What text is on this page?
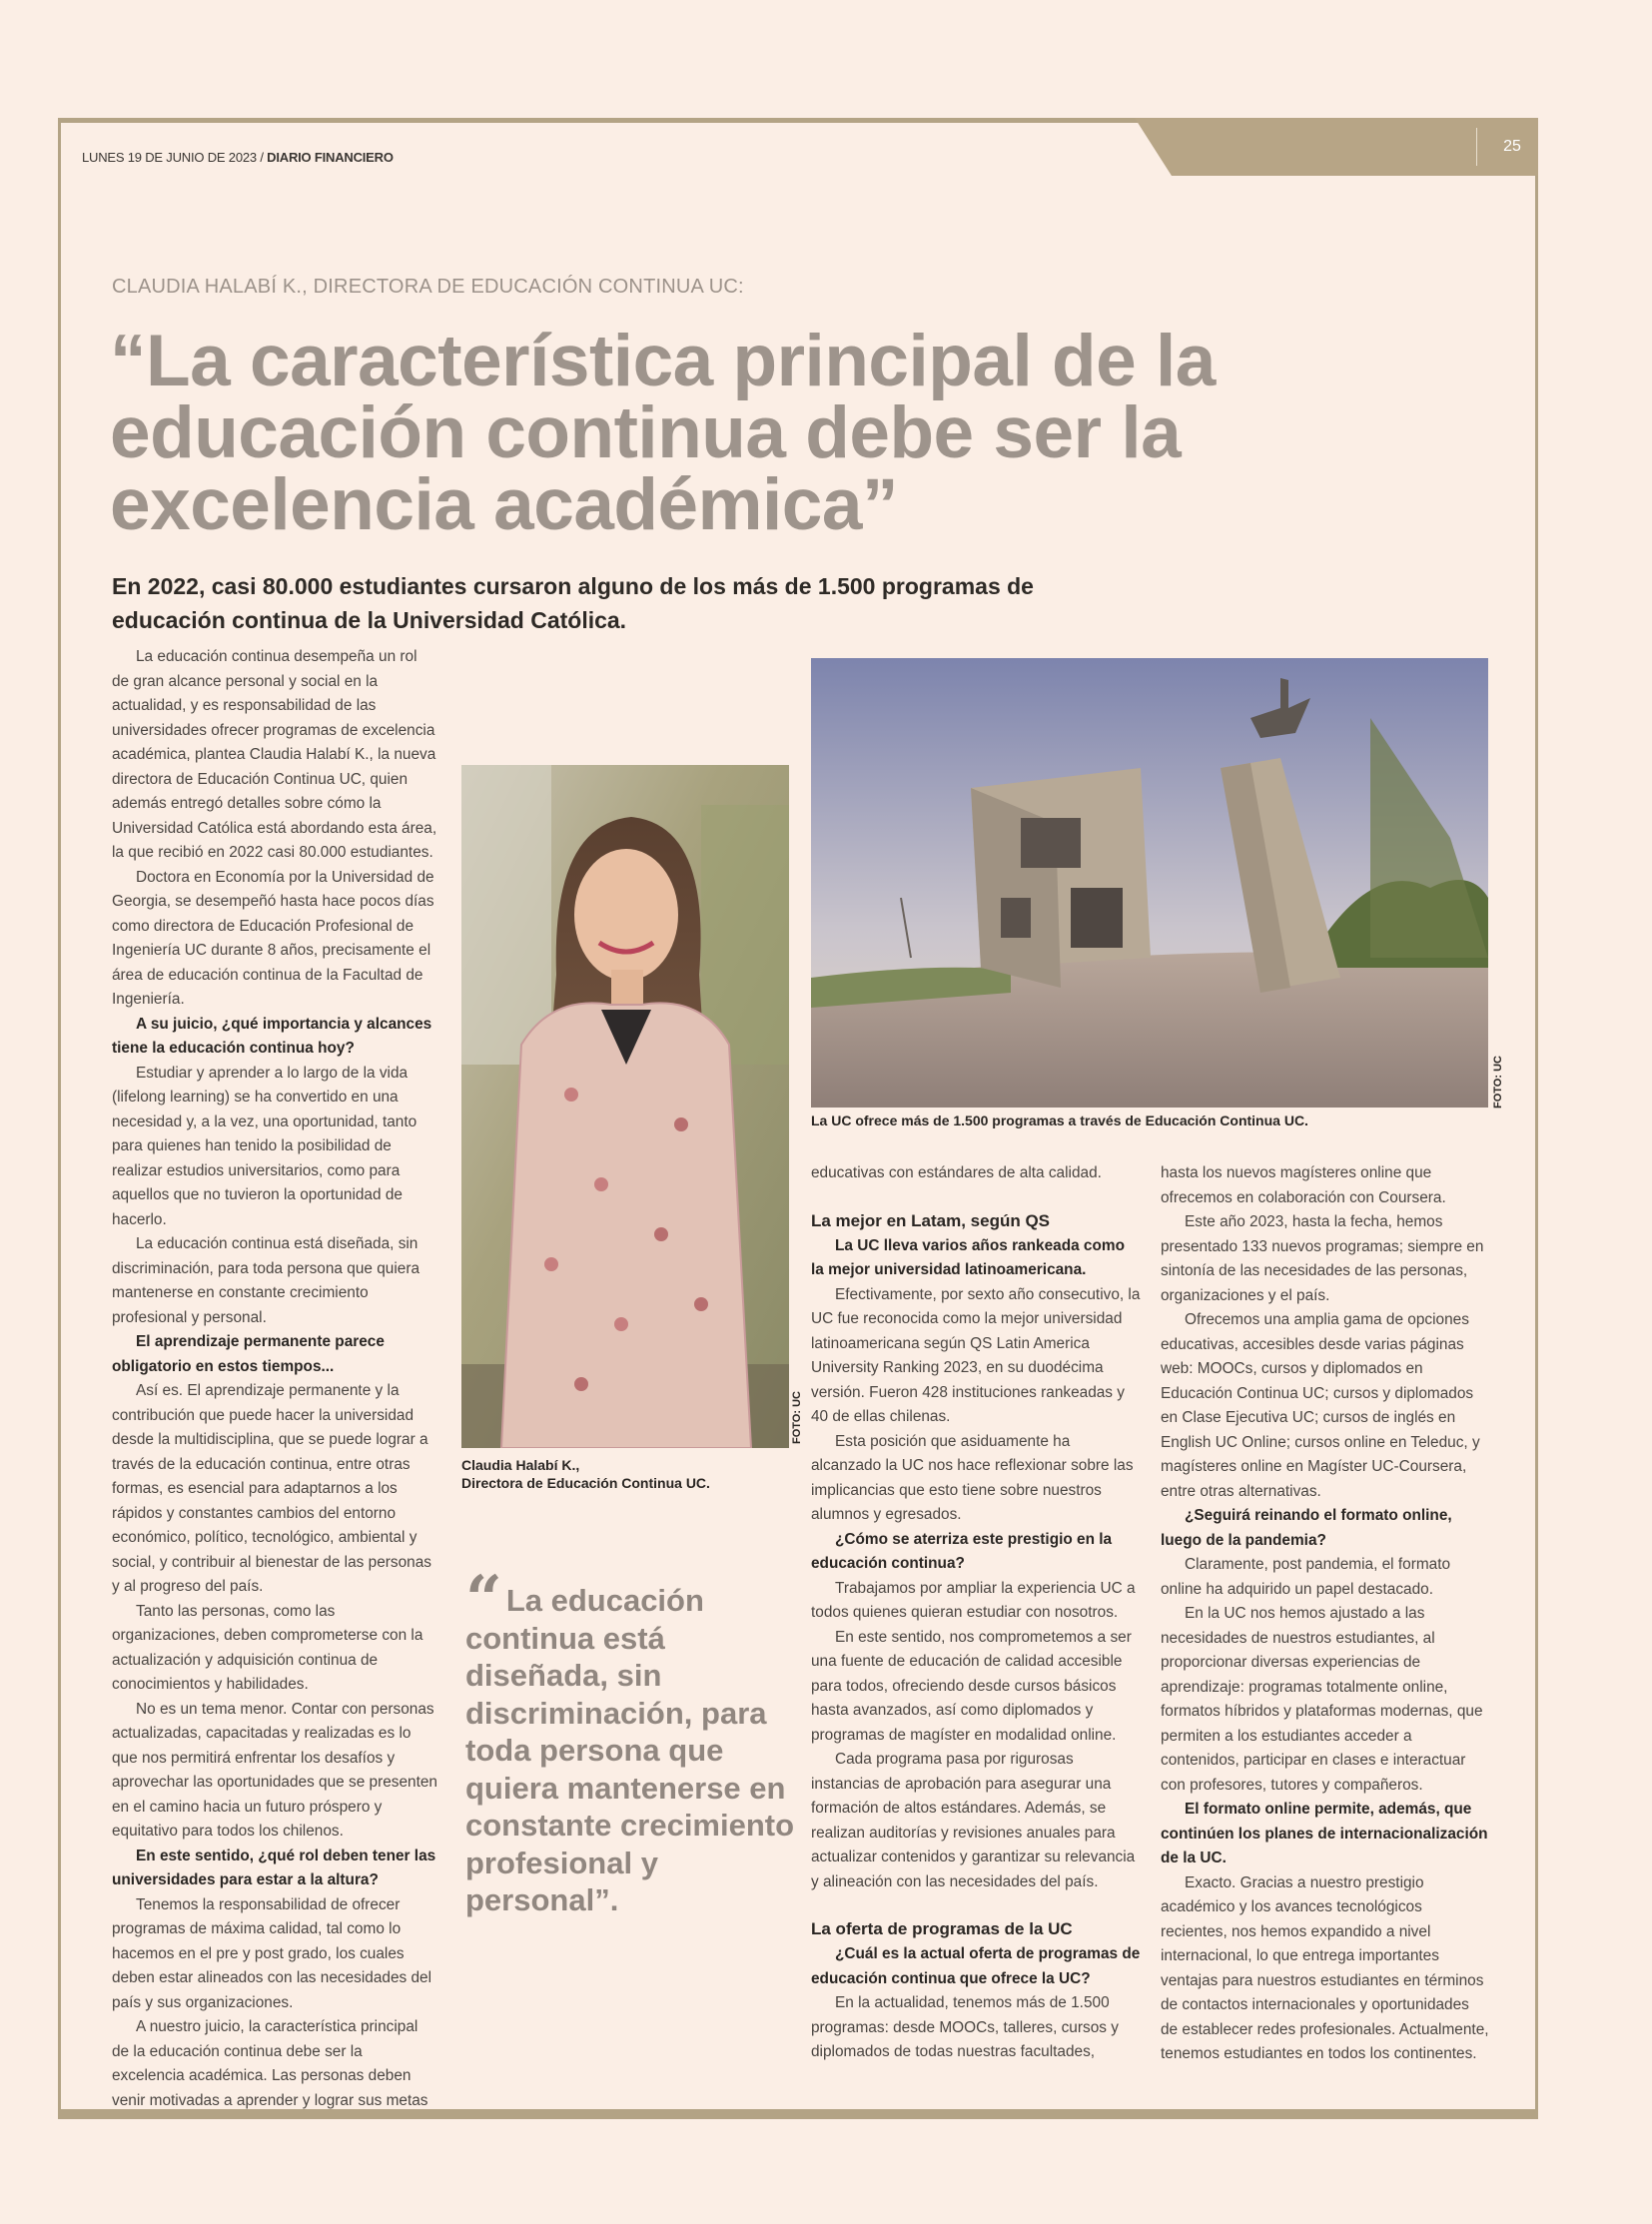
25
LUNES 19 DE JUNIO DE 2023 / DIARIO FINANCIERO
CLAUDIA HALABÍ K., DIRECTORA DE EDUCACIÓN CONTINUA UC:
“La característica principal de la educación continua debe ser la excelencia académica”

En 2022, casi 80.000 estudiantes cursaron alguno de los más de 1.500 programas de educación continua de la Universidad Católica.

La educación continua desempeña un rol de gran alcance personal y social en la actualidad, y es responsabilidad de las universidades ofrecer programas de excelencia académica, plantea Claudia Halabí K., la nueva directora de Educación Continua UC, quien además entregó detalles sobre cómo la Universidad Católica está abordando esta área, la que recibió en 2022 casi 80.000 estudiantes.

Doctora en Economía por la Universidad de Georgia, se desempeñó hasta hace pocos días como directora de Educación Profesional de Ingeniería UC durante 8 años, precisamente el área de educación continua de la Facultad de Ingeniería.

A su juicio, ¿qué importancia y alcances tiene la educación continua hoy?

Estudiar y aprender a lo largo de la vida (lifelong learning) se ha convertido en una necesidad y, a la vez, una oportunidad, tanto para quienes han tenido la posibilidad de realizar estudios universitarios, como para aquellos que no tuvieron la oportunidad de hacerlo.

La educación continua está diseñada, sin discriminación, para toda persona que quiera mantenerse en constante crecimiento profesional y personal.

El aprendizaje permanente parece obligatorio en estos tiempos...

Así es. El aprendizaje permanente y la contribución que puede hacer la universidad desde la multidisciplina, que se puede lograr a través de la educación continua, entre otras formas, es esencial para adaptarnos a los rápidos y constantes cambios del entorno económico, político, tecnológico, ambiental y social, y contribuir al bienestar de las personas y al progreso del país.

Tanto las personas, como las organizaciones, deben comprometerse con la actualización y adquisición continua de conocimientos y habilidades.

No es un tema menor. Contar con personas actualizadas, capacitadas y realizadas es lo que nos permitirá enfrentar los desafíos y aprovechar las oportunidades que se presenten en el camino hacia un futuro próspero y equitativo para todos los chilenos.

En este sentido, ¿qué rol deben tener las universidades para estar a la altura?

Tenemos la responsabilidad de ofrecer programas de máxima calidad, tal como lo hacemos en el pre y post grado, los cuales deben estar alineados con las necesidades del país y sus organizaciones.

A nuestro juicio, la característica principal de la educación continua debe ser la excelencia académica. Las personas deben venir motivadas a aprender y lograr sus metas

Claudia Halabí K.,
Directora de Educación Continua UC.
FOTO: UC
La UC ofrece más de 1.500 programas a través de Educación Continua UC.
FOTO: UC
“ La educación continua está diseñada, sin discriminación, para toda persona que quiera mantenerse en constante crecimiento profesional y personal”.

educativas con estándares de alta calidad.

La mejor en Latam, según QS

La UC lleva varios años rankeada como la mejor universidad latinoamericana.

Efectivamente, por sexto año consecutivo, la UC fue reconocida como la mejor universidad latinoamericana según QS Latin America University Ranking 2023, en su duodécima versión. Fueron 428 instituciones rankeadas y 40 de ellas chilenas.

Esta posición que asiduamente ha alcanzado la UC nos hace reflexionar sobre las implicancias que esto tiene sobre nuestros alumnos y egresados.

¿Cómo se aterriza este prestigio en la educación continua?

Trabajamos por ampliar la experiencia UC a todos quienes quieran estudiar con nosotros.

En este sentido, nos comprometemos a ser una fuente de educación de calidad accesible para todos, ofreciendo desde cursos básicos hasta avanzados, así como diplomados y programas de magíster en modalidad online.

Cada programa pasa por rigurosas instancias de aprobación para asegurar una formación de altos estándares. Además, se realizan auditorías y revisiones anuales para actualizar contenidos y garantizar su relevancia y alineación con las necesidades del país.

La oferta de programas de la UC

¿Cuál es la actual oferta de programas de educación continua que ofrece la UC?

En la actualidad, tenemos más de 1.500 programas: desde MOOCs, talleres, cursos y diplomados de todas nuestras facultades,

hasta los nuevos magísteres online que ofrecemos en colaboración con Coursera.

Este año 2023, hasta la fecha, hemos presentado 133 nuevos programas; siempre en sintonía de las necesidades de las personas, organizaciones y el país.

Ofrecemos una amplia gama de opciones educativas, accesibles desde varias páginas web: MOOCs, cursos y diplomados en Educación Continua UC; cursos y diplomados en Clase Ejecutiva UC; cursos de inglés en English UC Online; cursos online en Teleduc, y magísteres online en Magíster UC-Coursera, entre otras alternativas.

¿Seguirá reinando el formato online, luego de la pandemia?

Claramente, post pandemia, el formato online ha adquirido un papel destacado.

En la UC nos hemos ajustado a las necesidades de nuestros estudiantes, al proporcionar diversas experiencias de aprendizaje: programas totalmente online, formatos híbridos y plataformas modernas, que permiten a los estudiantes acceder a contenidos, participar en clases e interactuar con profesores, tutores y compañeros.

El formato online permite, además, que continúen los planes de internacionalización de la UC.

Exacto. Gracias a nuestro prestigio académico y los avances tecnológicos recientes, nos hemos expandido a nivel internacional, lo que entrega importantes ventajas para nuestros estudiantes en términos de contactos internacionales y oportunidades de establecer redes profesionales. Actualmente, tenemos estudiantes en todos los continentes.
